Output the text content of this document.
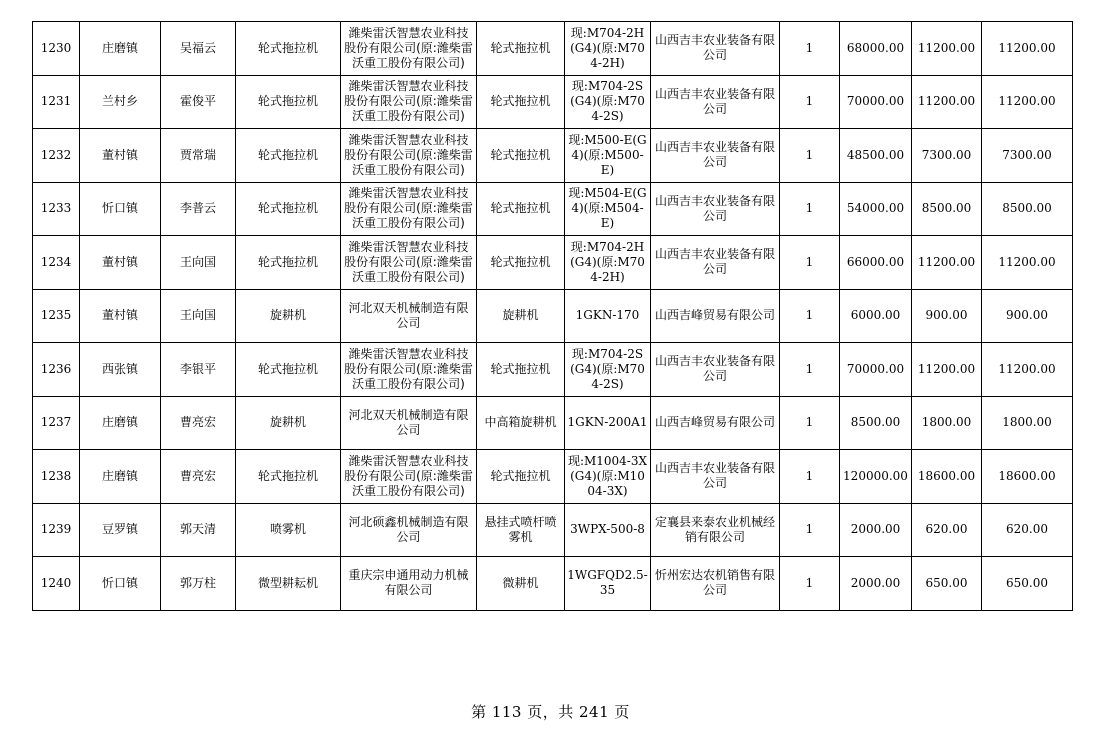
1230	庄磨镇	吴福云	轮式拖拉机	潍柴雷沃智慧农业科技股份有限公司(原:潍柴雷沃重工股份有限公司)	轮式拖拉机	现:M704-2H(G4)(原:M704-2H)	山西吉丰农业装备有限公司	1	68000.00	11200.00	11200.00

1231	兰村乡	霍俊平	轮式拖拉机	潍柴雷沃智慧农业科技股份有限公司(原:潍柴雷沃重工股份有限公司)	轮式拖拉机	现:M704-2S(G4)(原:M704-2S)	山西吉丰农业装备有限公司	1	70000.00	11200.00	11200.00

1232	董村镇	贾常瑞	轮式拖拉机	潍柴雷沃智慧农业科技股份有限公司(原:潍柴雷沃重工股份有限公司)	轮式拖拉机	现:M500-E(G4)(原:M500-E)	山西吉丰农业装备有限公司	1	48500.00	7300.00	7300.00

1233	忻口镇	李普云	轮式拖拉机	潍柴雷沃智慧农业科技股份有限公司(原:潍柴雷沃重工股份有限公司)	轮式拖拉机	现:M504-E(G4)(原:M504-E)	山西吉丰农业装备有限公司	1	54000.00	8500.00	8500.00

1234	董村镇	王向国	轮式拖拉机	潍柴雷沃智慧农业科技股份有限公司(原:潍柴雷沃重工股份有限公司)	轮式拖拉机	现:M704-2H(G4)(原:M704-2H)	山西吉丰农业装备有限公司	1	66000.00	11200.00	11200.00

1235	董村镇	王向国	旋耕机	河北双天机械制造有限公司	旋耕机	1GKN-170	山西吉峰贸易有限公司	1	6000.00	900.00	900.00

1236	西张镇	李银平	轮式拖拉机	潍柴雷沃智慧农业科技股份有限公司(原:潍柴雷沃重工股份有限公司)	轮式拖拉机	现:M704-2S(G4)(原:M704-2S)	山西吉丰农业装备有限公司	1	70000.00	11200.00	11200.00

1237	庄磨镇	曹亮宏	旋耕机	河北双天机械制造有限公司	中高箱旋耕机	1GKN-200A1	山西吉峰贸易有限公司	1	8500.00	1800.00	1800.00

1238	庄磨镇	曹亮宏	轮式拖拉机	潍柴雷沃智慧农业科技股份有限公司(原:潍柴雷沃重工股份有限公司)	轮式拖拉机	现:M1004-3X(G4)(原:M1004-3X)	山西吉丰农业装备有限公司	1	120000.00	18600.00	18600.00

1239	豆罗镇	郭天清	喷雾机	河北硕鑫机械制造有限公司	悬挂式喷杆喷雾机	3WPX-500-8	定襄县来泰农业机械经销有限公司	1	2000.00	620.00	620.00

1240	忻口镇	郭万柱	微型耕耘机	重庆宗申通用动力机械有限公司	微耕机	1WGFQD2.5-35	忻州宏达农机销售有限公司	1	2000.00	650.00	650.00
第 113 页，共 241 页
